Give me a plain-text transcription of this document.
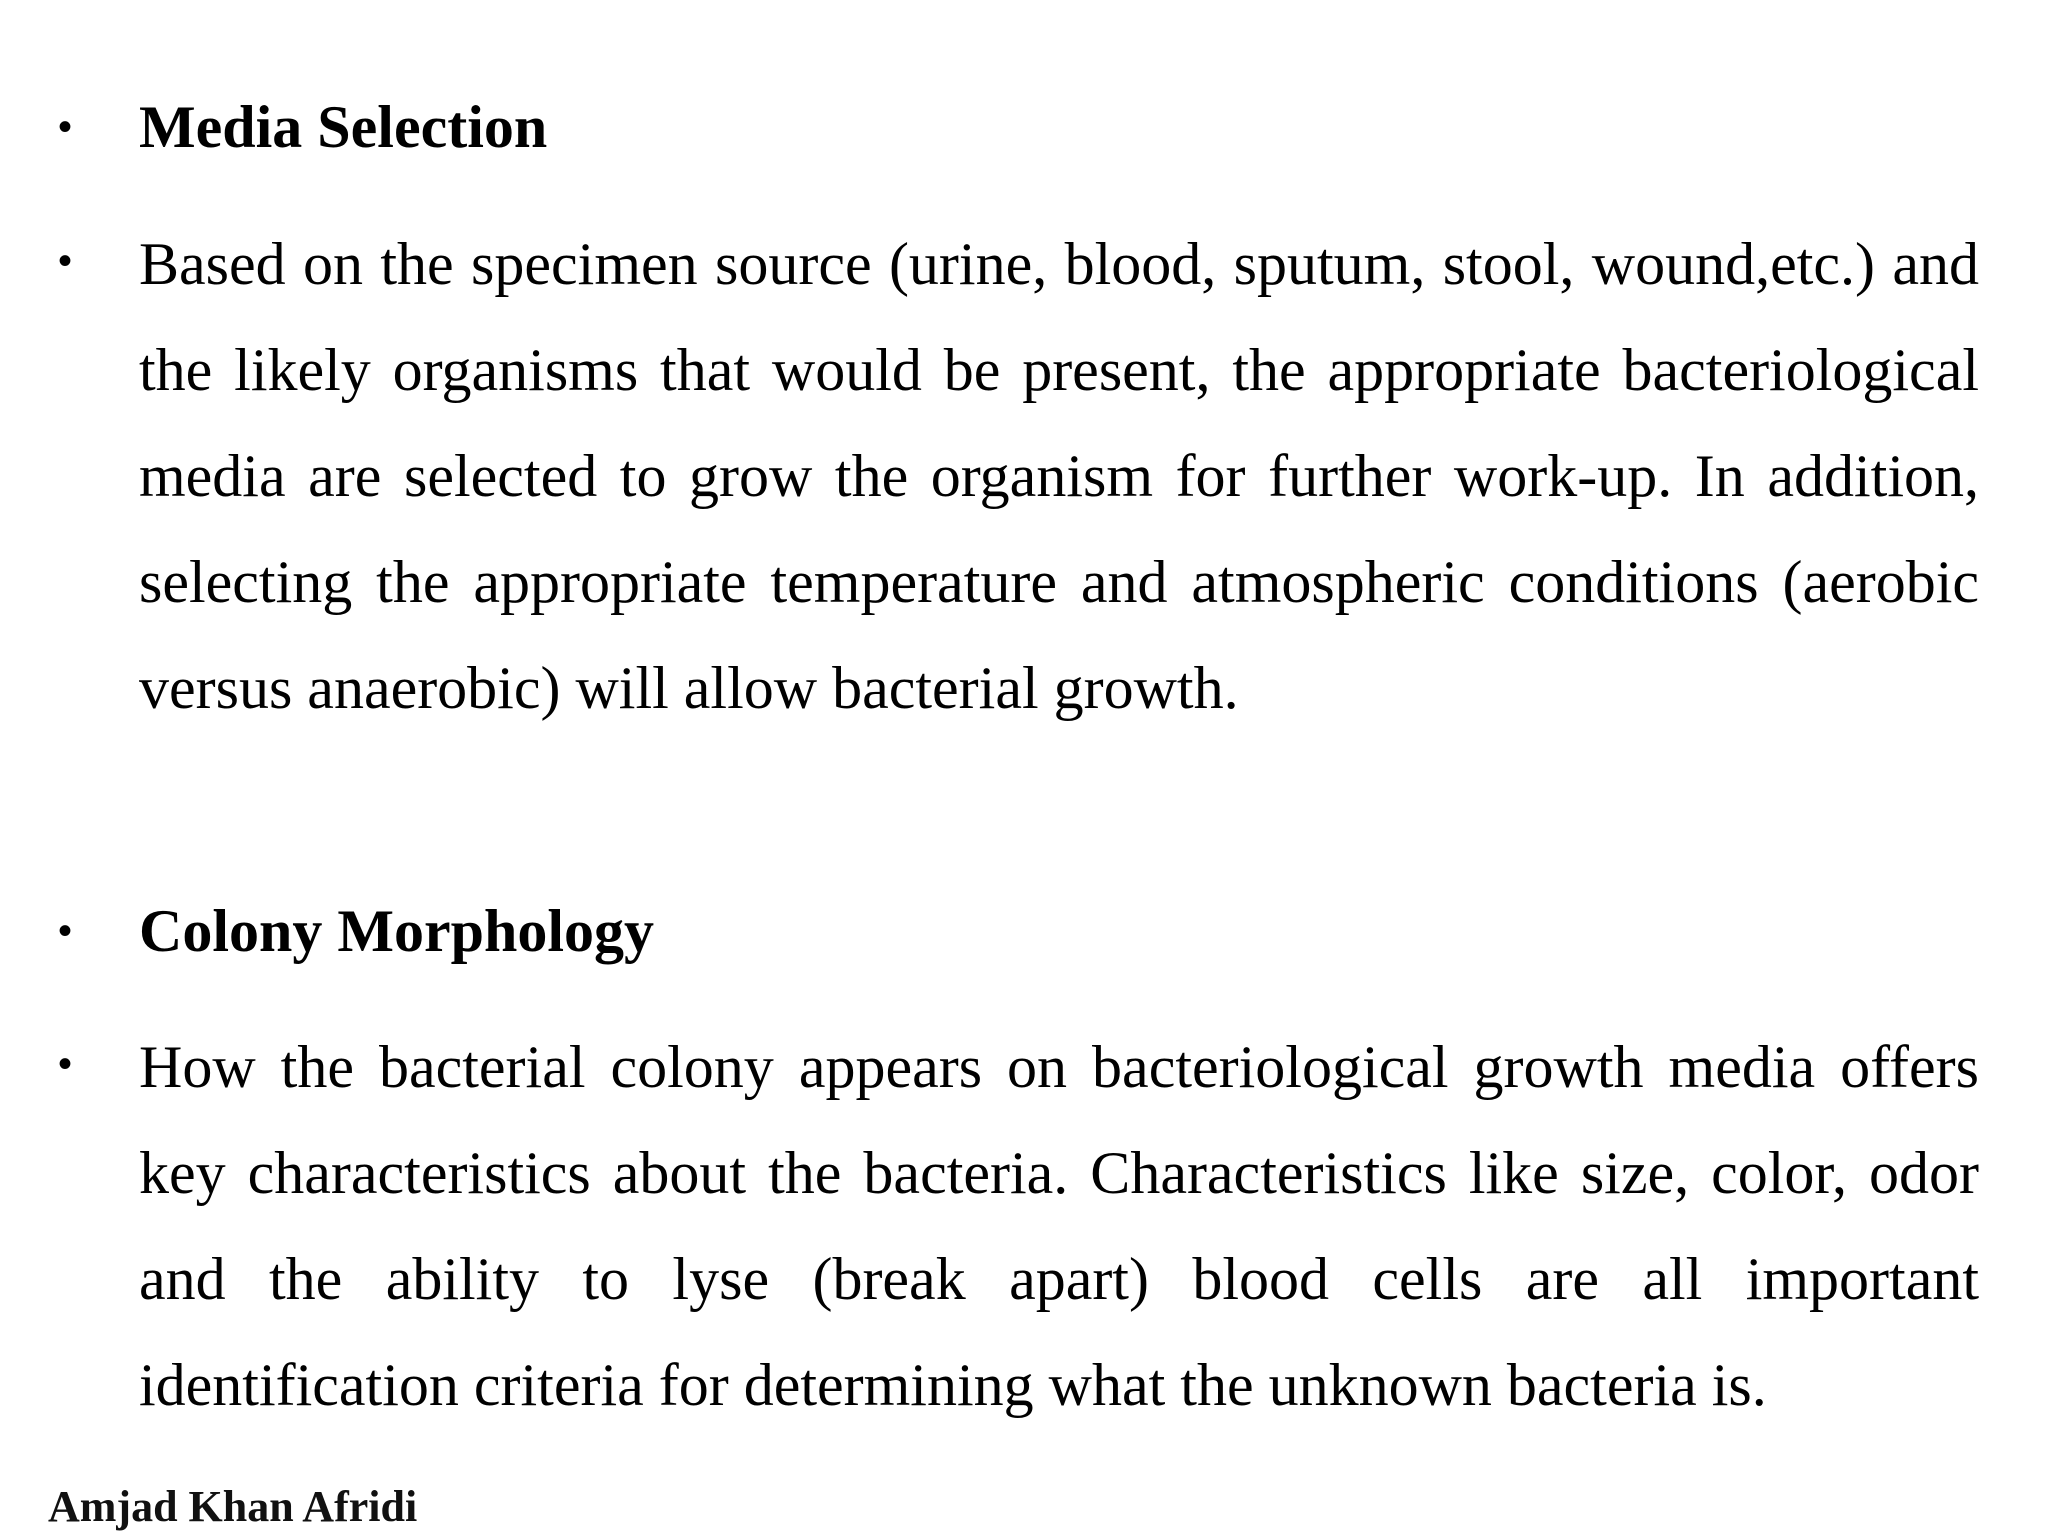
• Media Selection
• Based on the specimen source (urine, blood, sputum, stool, wound,etc.) and the likely organisms that would be present, the appropriate bacteriological media are selected to grow the organism for further work-up. In addition, selecting the appropriate temperature and atmospheric conditions (aerobic versus anaerobic) will allow bacterial growth.
• Colony Morphology
• How the bacterial colony appears on bacteriological growth media offers key characteristics about the bacteria. Characteristics like size, color, odor and the ability to lyse (break apart) blood cells are all important identification criteria for determining what the unknown bacteria is.
Amjad Khan Afridi
